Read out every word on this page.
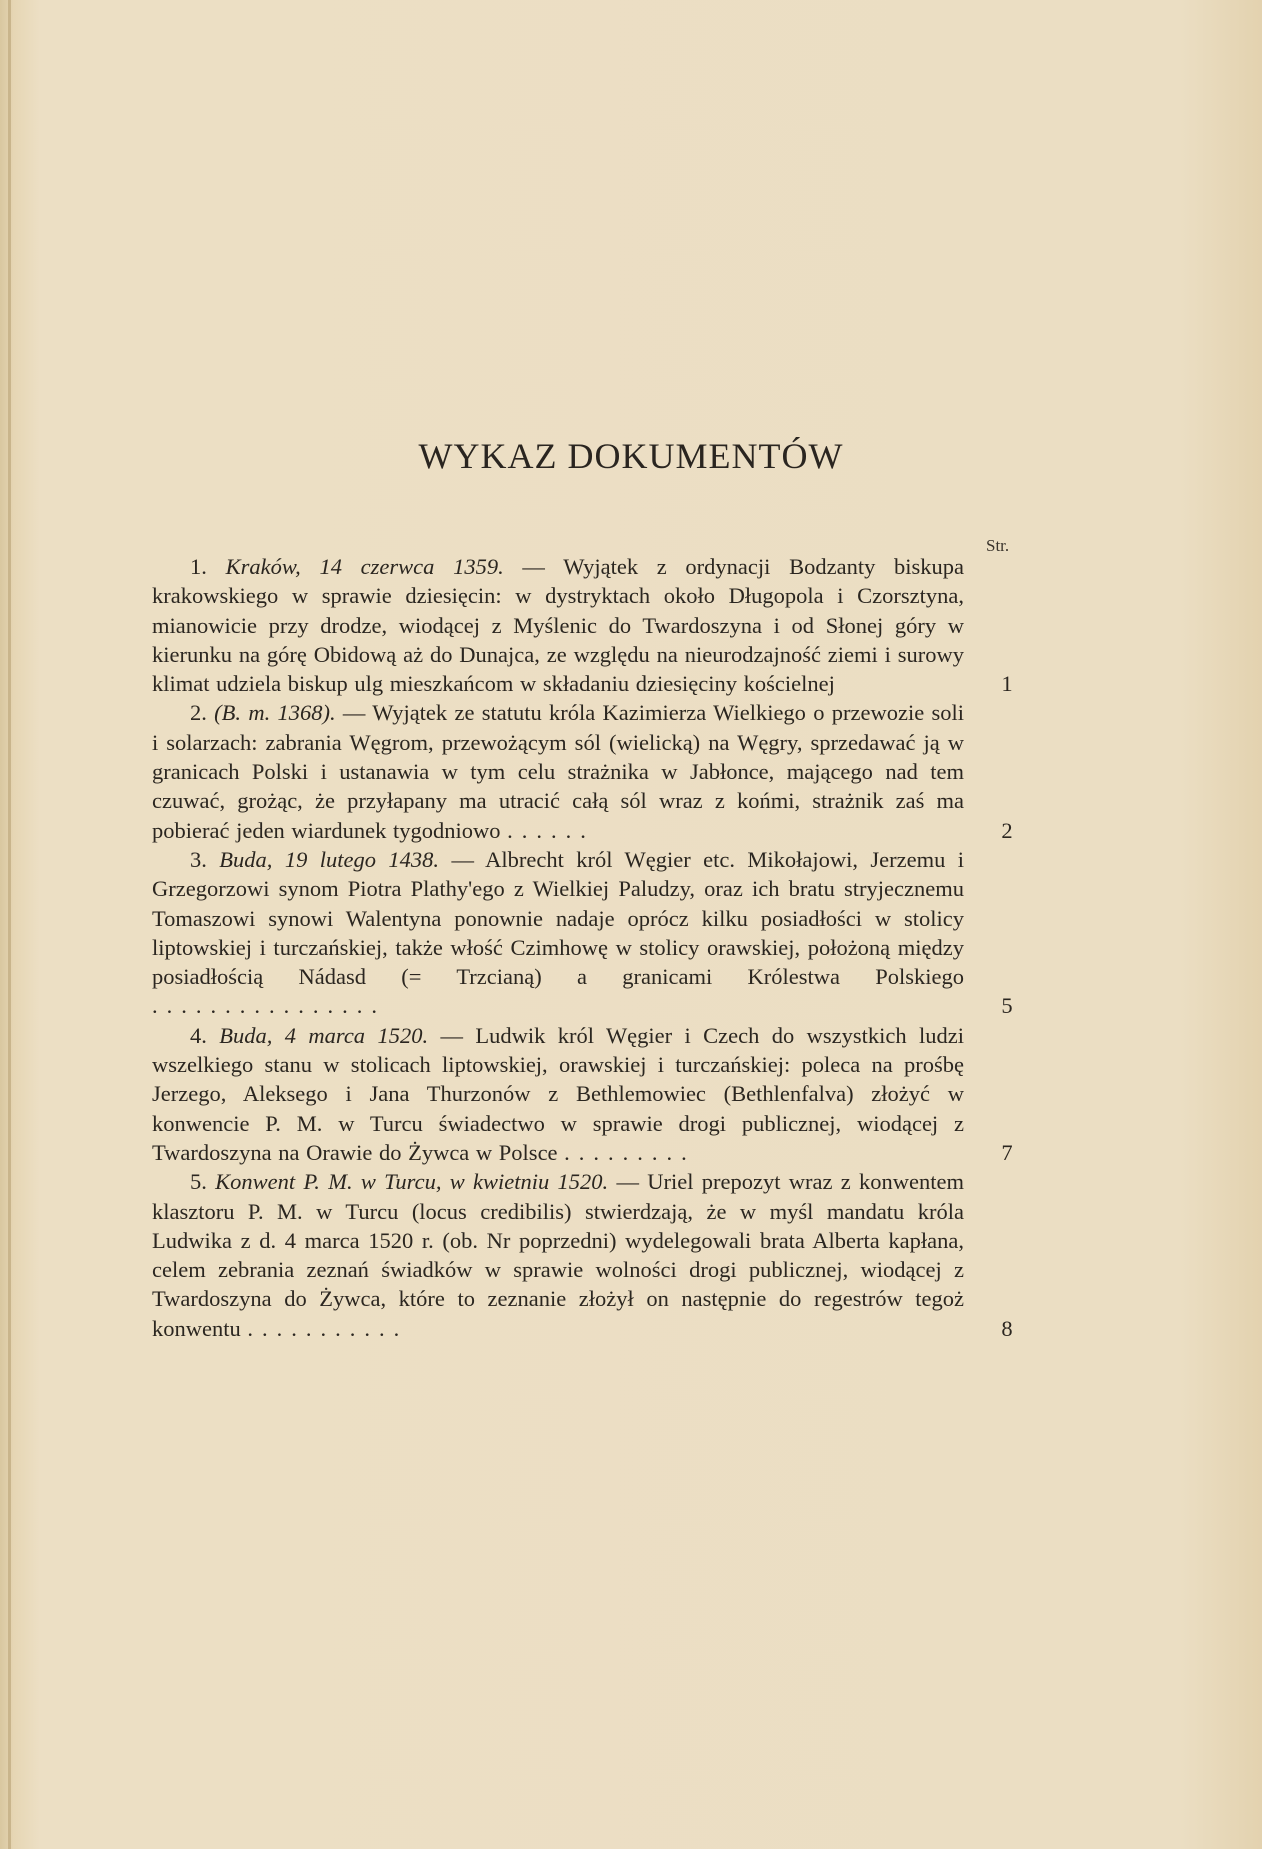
WYKAZ DOKUMENTÓW
Str.
1. Kraków, 14 czerwca 1359. — Wyjątek z ordynacji Bodzanty biskupa krakowskiego w sprawie dziesięcin: w dystryktach około Długopola i Czorsztyna, mianowicie przy drodze, wiodącej z Myślenic do Twardoszyna i od Słonej góry w kierunku na górę Obidową aż do Dunajca, ze względu na nieurodzajność ziemi i surowy klimat udziela biskup ulg mieszkańcom w składaniu dziesięciny kościelnej	1
2. (B. m. 1368). — Wyjątek ze statutu króla Kazimierza Wielkiego o przewozie soli i solarzach: zabrania Węgrom, przewożącym sól (wielicką) na Węgry, sprzedawać ją w granicach Polski i ustanawia w tym celu strażnika w Jabłonce, mającego nad tem czuwać, grożąc, że przyłapany ma utracić całą sól wraz z końmi, strażnik zaś ma pobierać jeden wiardunek tygodniowo ......	2
3. Buda, 19 lutego 1438. — Albrecht król Węgier etc. Mikołajowi, Jerzemu i Grzegorzowi synom Piotra Plathy'ego z Wielkiej Paludzy, oraz ich bratu stryjecznemu Tomaszowi synowi Walentyna ponownie nadaje oprócz kilku posiadłości w stolicy liptowskiej i turczańskiej, także włość Czimhowę w stolicy orawskiej, położoną między posiadłością Nádasd (= Trzcianą) a granicami Królestwa Polskiego ................	5
4. Buda, 4 marca 1520. — Ludwik król Węgier i Czech do wszystkich ludzi wszelkiego stanu w stolicach liptowskiej, orawskiej i turczańskiej: poleca na prośbę Jerzego, Aleksego i Jana Thurzonów z Bethlemowiec (Bethlenfalva) złożyć w konwencie P. M. w Turcu świadectwo w sprawie drogi publicznej, wiodącej z Twardoszyna na Orawie do Żywca w Polsce .........	7
5. Konwent P. M. w Turcu, w kwietniu 1520. — Uriel prepozyt wraz z konwentem klasztoru P. M. w Turcu (locus credibilis) stwierdzają, że w myśl mandatu króla Ludwika z d. 4 marca 1520 r. (ob. Nr poprzedni) wydelegowali brata Alberta kapłana, celem zebrania zeznań świadków w sprawie wolności drogi publicznej, wiodącej z Twardoszyna do Żywca, które to zeznanie złożył on następnie do regestrów tegoż konwentu ...........	8
